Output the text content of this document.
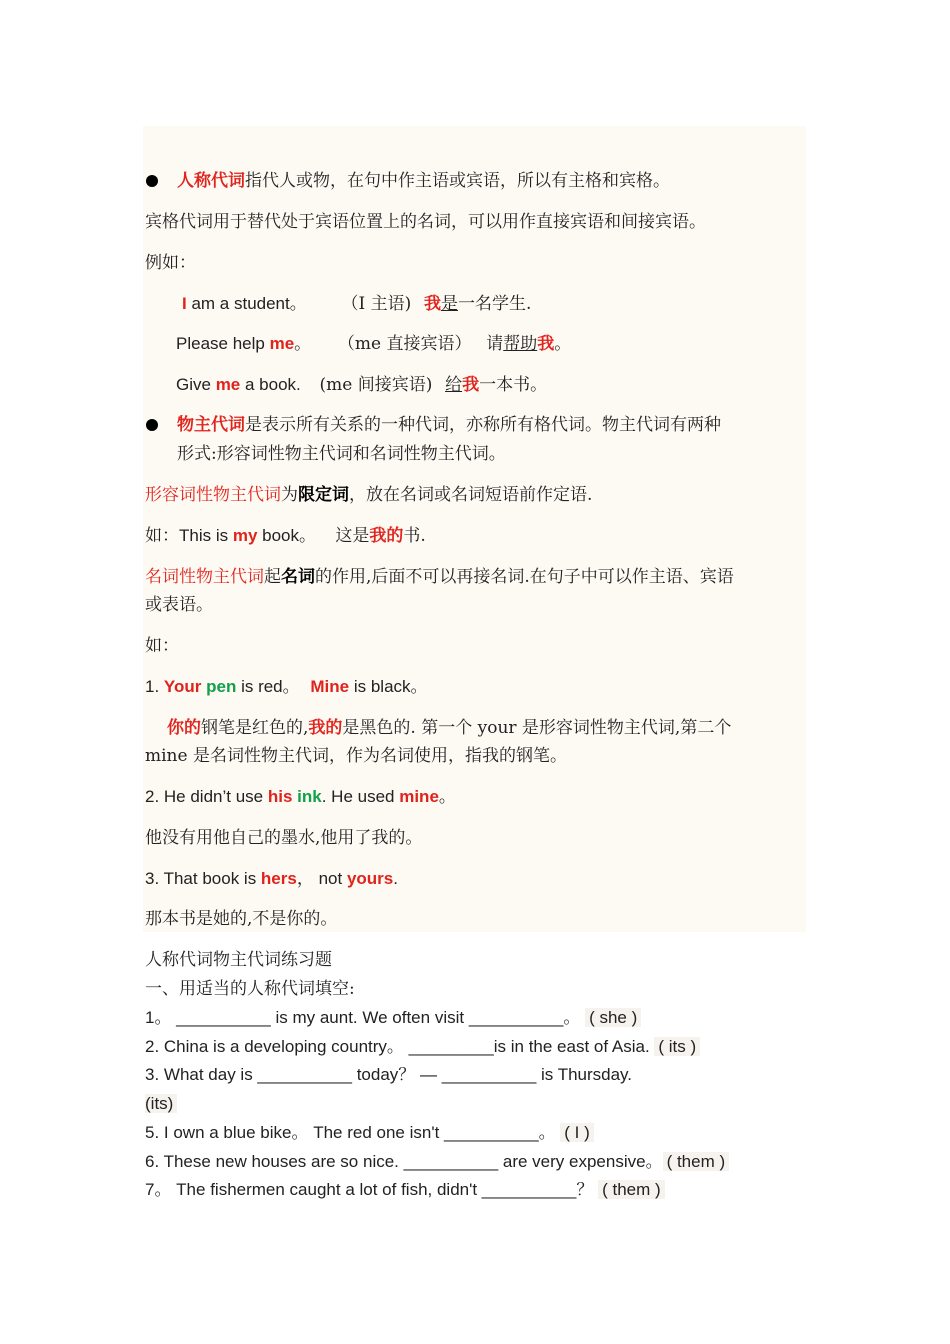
人称代词指代人或物，在句中作主语或宾语，所以有主格和宾格。
宾格代词用于替代处于宾语位置上的名词，可以用作直接宾语和间接宾语。
例如：
I am a student。 （I 主语) 我是一名学生.
Please help me。 （me 直接宾语） 请帮助我。
Give me a book. (me 间接宾语) 给我一本书。
物主代词是表示所有关系的一种代词，亦称所有格代词。物主代词有两种
形式:形容词性物主代词和名词性物主代词。
形容词性物主代词为限定词，放在名词或名词短语前作定语.
如：This is my book。 这是我的书.
名词性物主代词起名词的作用,后面不可以再接名词.在句子中可以作主语、宾语
或表语。
如：
1. Your pen is red。 Mine is black。
你的钢笔是红色的,我的是黑色的. 第一个 your 是形容词性物主代词,第二个
mine 是名词性物主代词，作为名词使用，指我的钢笔。
2. He didn’t use his ink. He used mine。
他没有用他自己的墨水,他用了我的。
3. That book is hers， not yours.
那本书是她的,不是你的。
人称代词物主代词练习题
一、用适当的人称代词填空:
1。 __________ is my aunt. We often visit __________。 ( she )
2. China is a developing country。 _________is in the east of Asia. ( its )
3. What day is __________ today？ — __________ is Thursday.
(its)
5. I own a blue bike。 The red one isn't __________。 ( I )
6. These new houses are so nice. __________ are very expensive。 ( them )
7。 The fishermen caught a lot of fish, didn't __________？ ( them )
